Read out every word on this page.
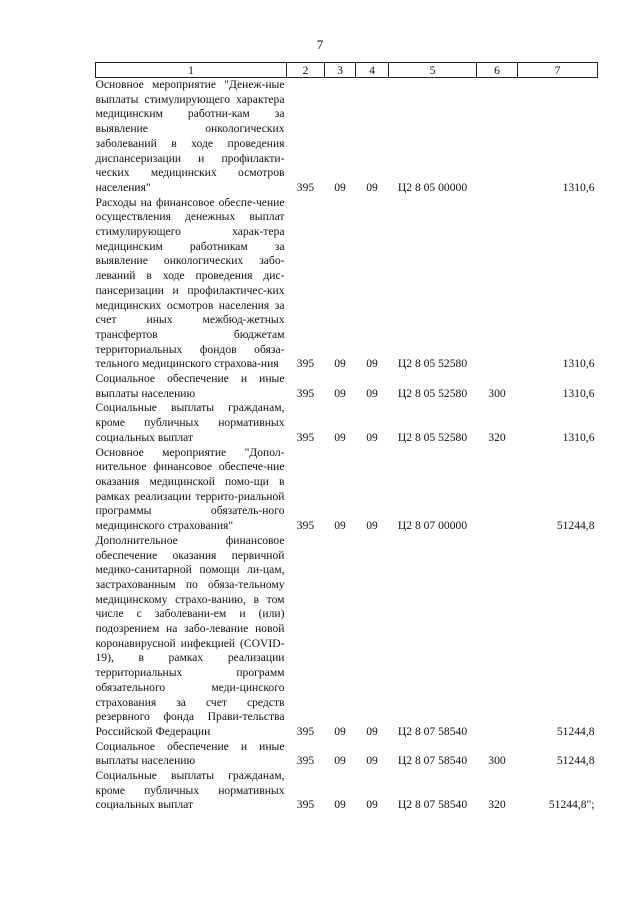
7
1	2	3	4	5	6	7
Основное мероприятие "Денеж-ные выплаты стимулирующего характера медицинским работни-кам за выявление онкологических заболеваний в ходе проведения диспансеризации и профилакти-ческих медицинских осмотров населения"	395	09	09	Ц2 8 05 00000		1310,6
Расходы на финансовое обеспе-чение осуществления денежных выплат стимулирующего харак-тера медицинским работникам за выявление онкологических забо-леваний в ходе проведения дис-пансеризации и профилактичес-ких медицинских осмотров населения за счет иных межбюд-жетных трансфертов бюджетам территориальных фондов обяза-тельного медицинского страхова-ния	395	09	09	Ц2 8 05 52580		1310,6
Социальное обеспечение и иные выплаты населению	395	09	09	Ц2 8 05 52580	300	1310,6
Социальные выплаты гражданам, кроме публичных нормативных социальных выплат	395	09	09	Ц2 8 05 52580	320	1310,6
Основное мероприятие "Допол-нительное финансовое обеспече-ние оказания медицинской помо-щи в рамках реализации террито-риальной программы обязатель-ного медицинского страхования"	395	09	09	Ц2 8 07 00000		51244,8
Дополнительное финансовое обеспечение оказания первичной медико-санитарной помощи ли-цам, застрахованным по обяза-тельному медицинскому страхо-ванию, в том числе с заболевани-ем и (или) подозрением на забо-левание новой коронавирусной инфекцией (COVID-19), в рамках реализации территориальных программ обязательного меди-цинского страхования за счет средств резервного фонда Прави-тельства Российской Федерации	395	09	09	Ц2 8 07 58540		51244,8
Социальное обеспечение и иные выплаты населению	395	09	09	Ц2 8 07 58540	300	51244,8
Социальные выплаты гражданам, кроме публичных нормативных социальных выплат	395	09	09	Ц2 8 07 58540	320	51244,8";
